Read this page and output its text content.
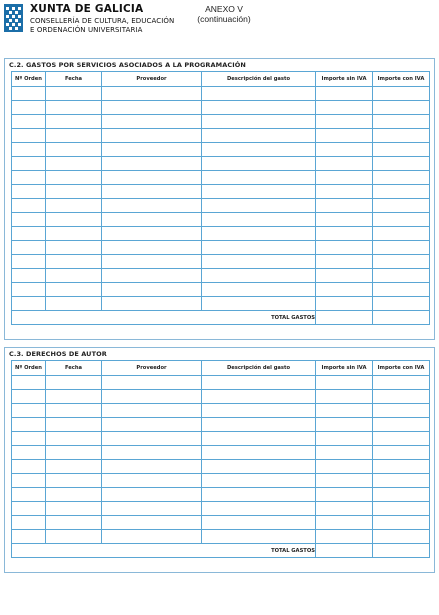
XUNTA DE GALICIA
CONSELLERÍA DE CULTURA, EDUCACIÓN
E ORDENACIÓN UNIVERSITARIA
ANEXO V
(continuación)
C.2. GASTOS POR SERVICIOS ASOCIADOS A LA PROGRAMACIÓN
Nº Orden	Fecha	Proveedor	Descripción del gasto	Importe sin IVA	Importe con IVA

TOTAL GASTOS					
C.3. DERECHOS DE AUTOR
Nº Orden	Fecha	Proveedor	Descripción del gasto	Importe sin IVA	Importe con IVA

TOTAL GASTOS					
